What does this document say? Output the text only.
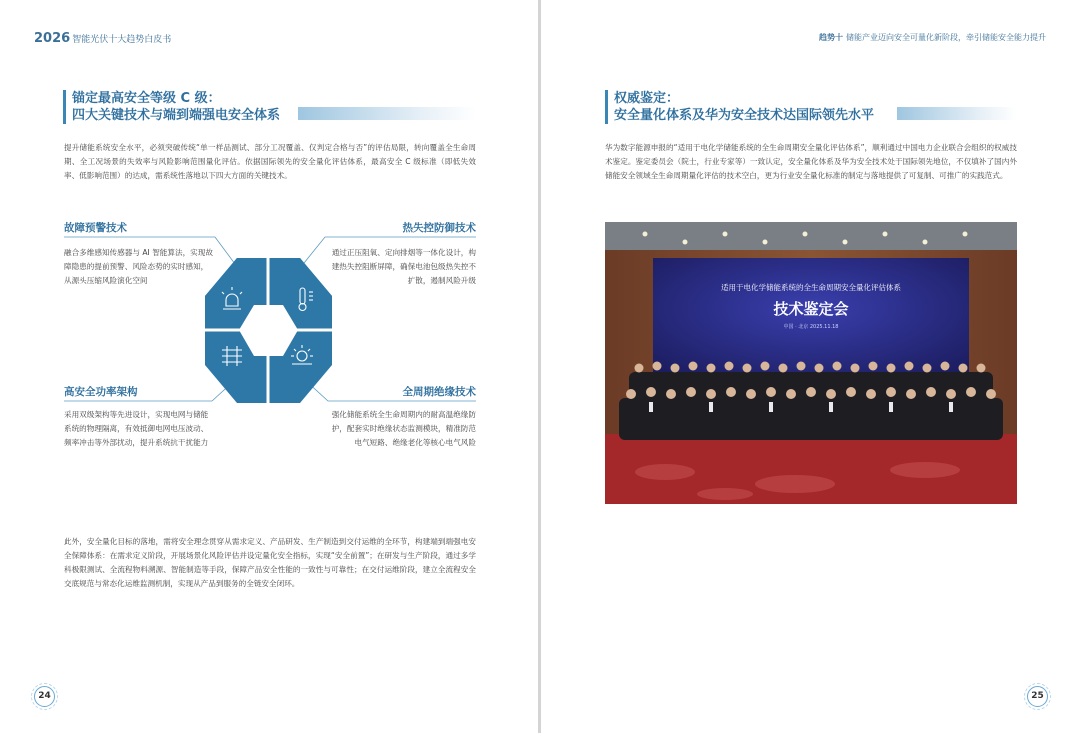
2026 智能光伏十大趋势白皮书
锚定最高安全等级 C 级：
四大关键技术与端到端强电安全体系

提升储能系统安全水平，必须突破传统“单一样品测试、部分工况覆盖、仅判定合格与否”的评估局限，转向覆盖全生命周期、全工况场景的失效率与风险影响范围量化评估。依据国际领先的安全量化评估体系，最高安全 C 级标准（即低失效率、低影响范围）的达成，需系统性落地以下四大方面的关键技术。

故障预警技术

融合多维感知传感器与 AI 智能算法，实现故障隐患的提前预警、风险态势的实时感知，从源头压缩风险演化空间

热失控防御技术

通过正压阻氧、定向排烟等一体化设计，构建热失控阻断屏障，确保电池包级热失控不扩散，遏制风险升级

高安全功率架构

采用双级架构等先进设计，实现电网与储能系统的物理隔离，有效抵御电网电压波动、频率冲击等外部扰动，提升系统抗干扰能力

全周期绝缘技术

强化储能系统全生命周期内的耐高温绝缘防护，配套实时绝缘状态监测模块，精准防范电气短路、绝缘老化等核心电气风险

此外，安全量化目标的落地，需将安全理念贯穿从需求定义、产品研发、生产制造到交付运维的全环节，构建端到端强电安全保障体系：在需求定义阶段，开展场景化风险评估并设定量化安全指标，实现“安全前置”；在研发与生产阶段，通过多学科极限测试、全流程物料溯源、智能制造等手段，保障产品安全性能的一致性与可靠性；在交付运维阶段，建立全流程安全交底规范与常态化运维监测机制，实现从产品到服务的全链安全闭环。

24
趋势十 储能产业迈向安全可量化新阶段，牵引储能安全能力提升
权威鉴定：
安全量化体系及华为安全技术达国际领先水平

华为数字能源申报的“适用于电化学储能系统的全生命周期安全量化评估体系”，顺利通过中国电力企业联合会组织的权威技术鉴定。鉴定委员会（院士，行业专家等）一致认定，安全量化体系及华为安全技术处于国际领先地位，不仅填补了国内外储能安全领域全生命周期量化评估的技术空白，更为行业安全量化标准的制定与落地提供了可复制、可推广的实践范式。

适用于电化学储能系统的全生命周期安全量化评估体系
技术鉴定会
中国 · 北京 2025.11.18
25
